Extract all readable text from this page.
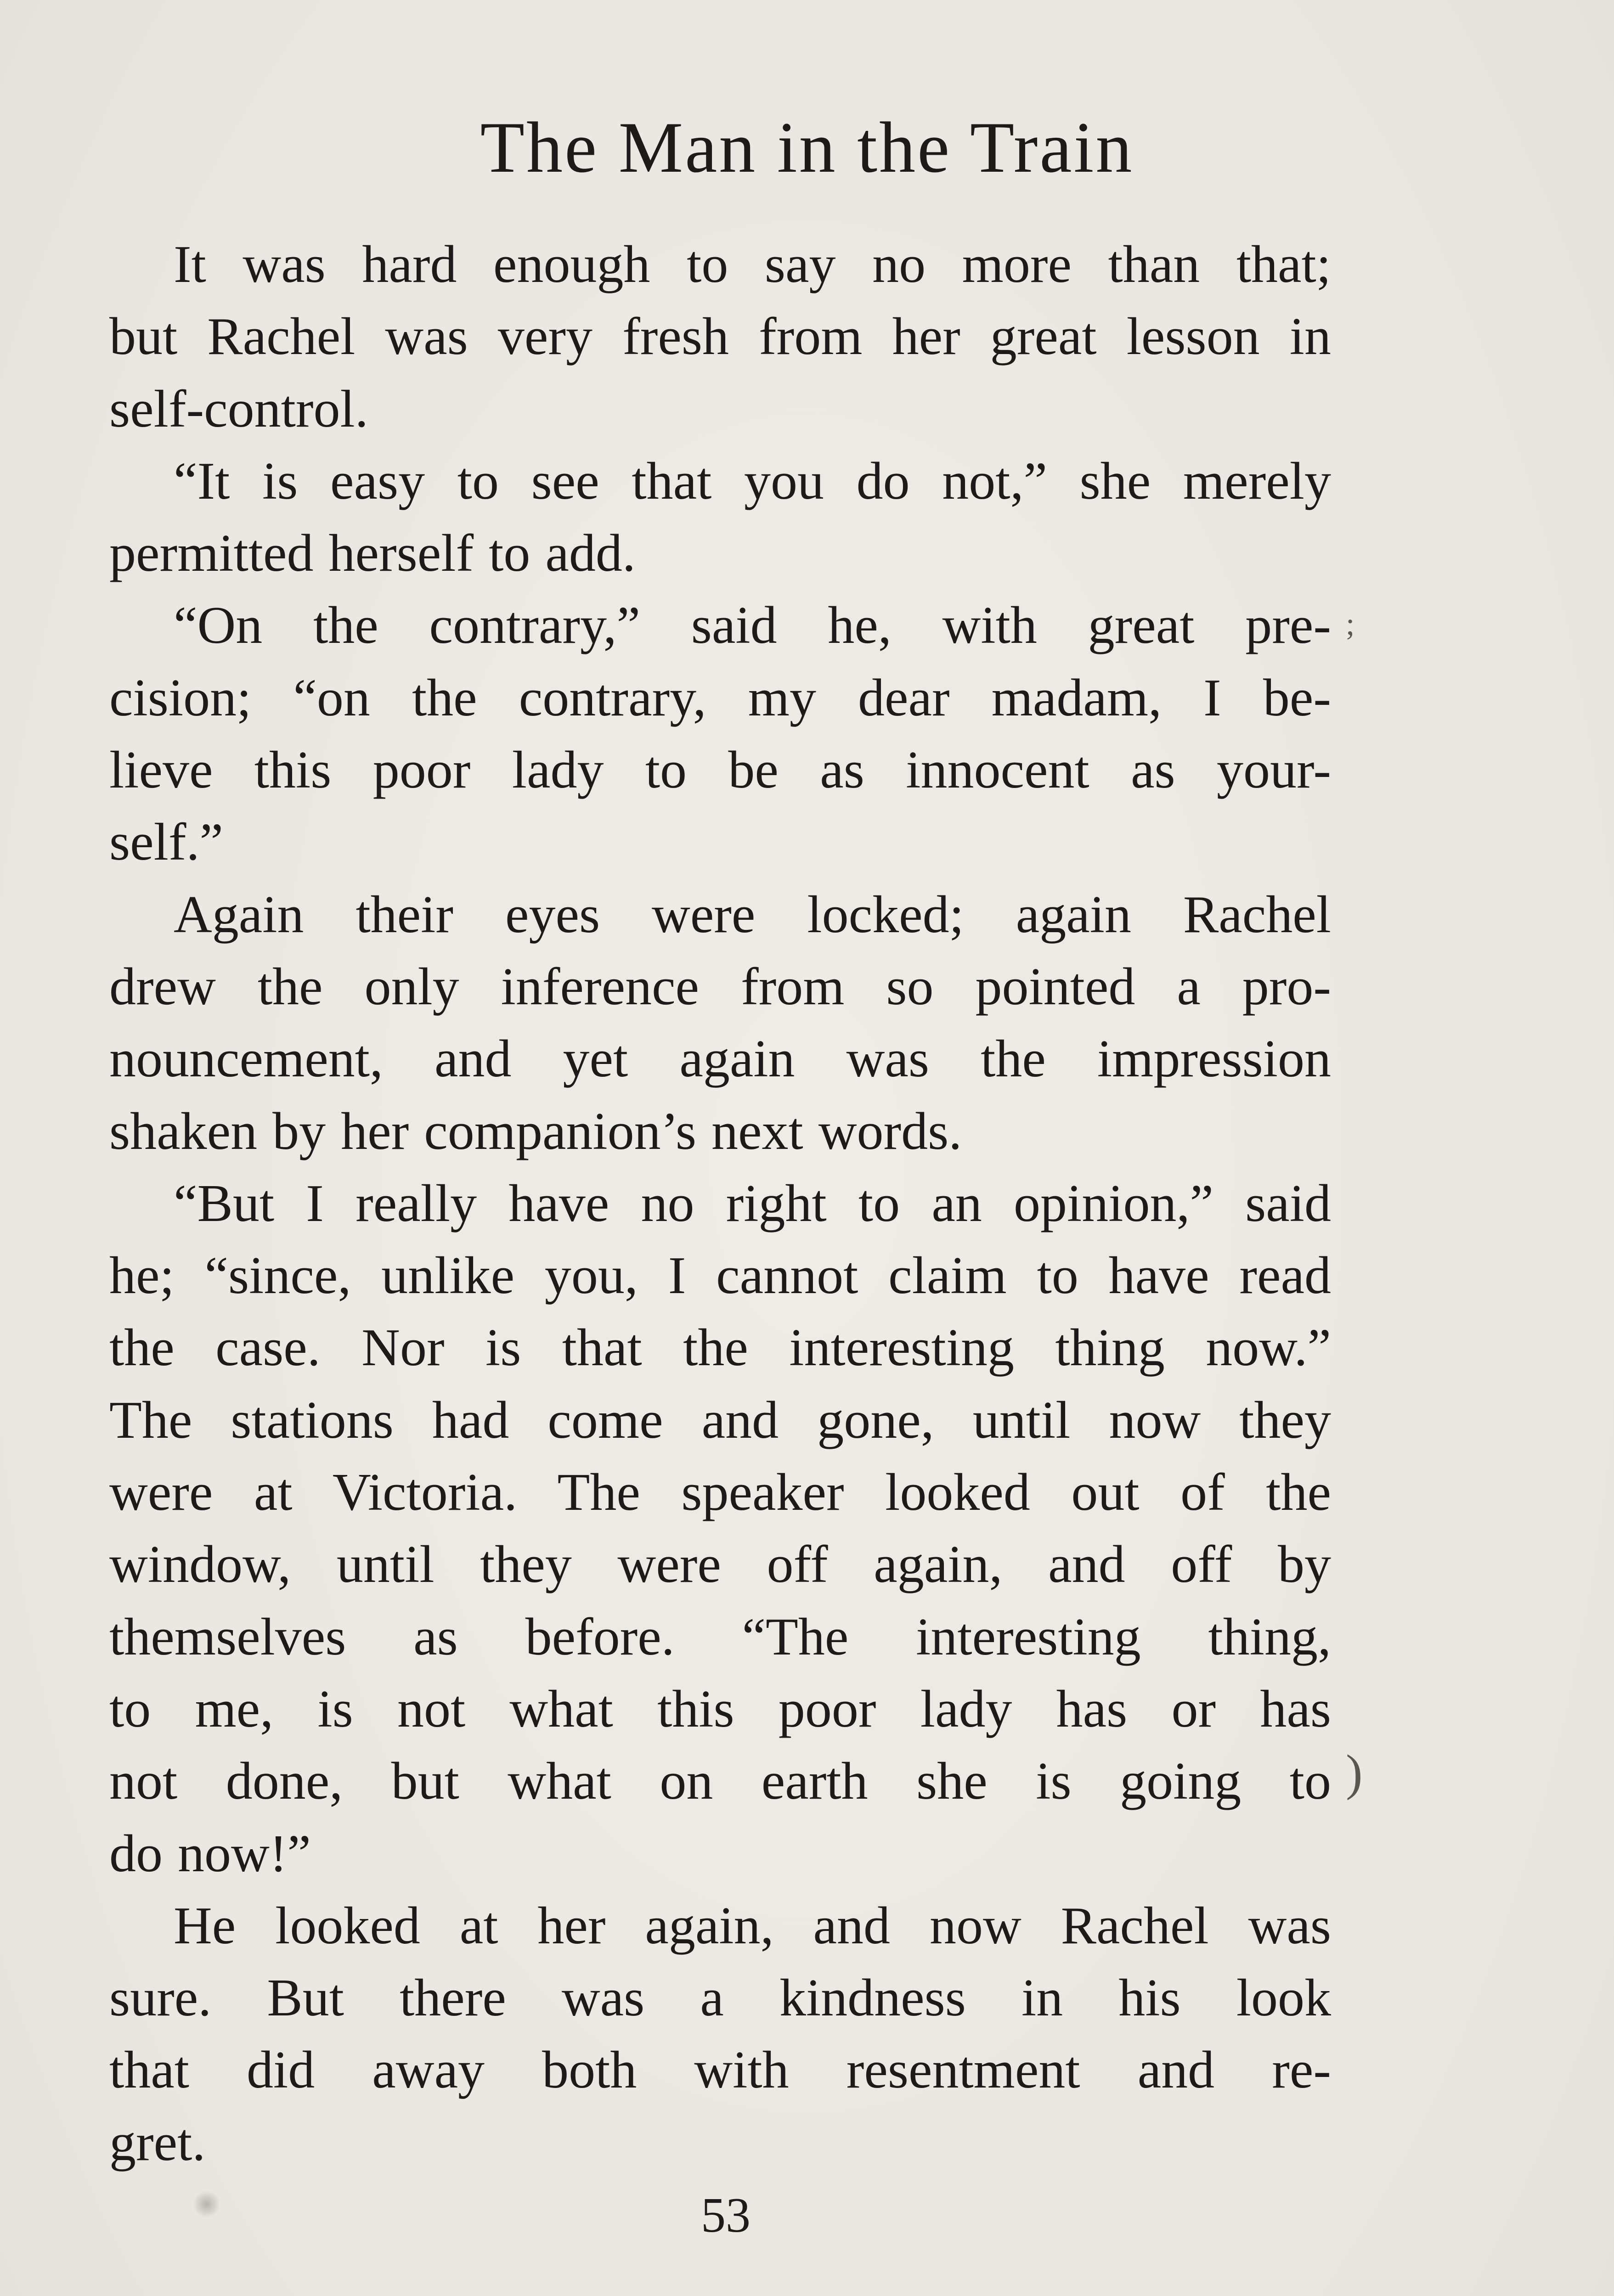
The Man in the Train
It was hard enough to say no more than that;
but Rachel was very fresh from her great lesson in
self-control.
“It is easy to see that you do not,” she merely
permitted herself to add.
“On the contrary,” said he, with great pre-
cision; “on the contrary, my dear madam, I be-
lieve this poor lady to be as innocent as your-
self.”
Again their eyes were locked; again Rachel
drew the only inference from so pointed a pro-
nouncement, and yet again was the impression
shaken by her companion’s next words.
“But I really have no right to an opinion,” said
he; “since, unlike you, I cannot claim to have read
the case. Nor is that the interesting thing now.”
The stations had come and gone, until now they
were at Victoria. The speaker looked out of the
window, until they were off again, and off by
themselves as before. “The interesting thing,
to me, is not what this poor lady has or has
not done, but what on earth she is going to
do now!”
He looked at her again, and now Rachel was
sure. But there was a kindness in his look
that did away both with resentment and re-
gret.
;
)
53
